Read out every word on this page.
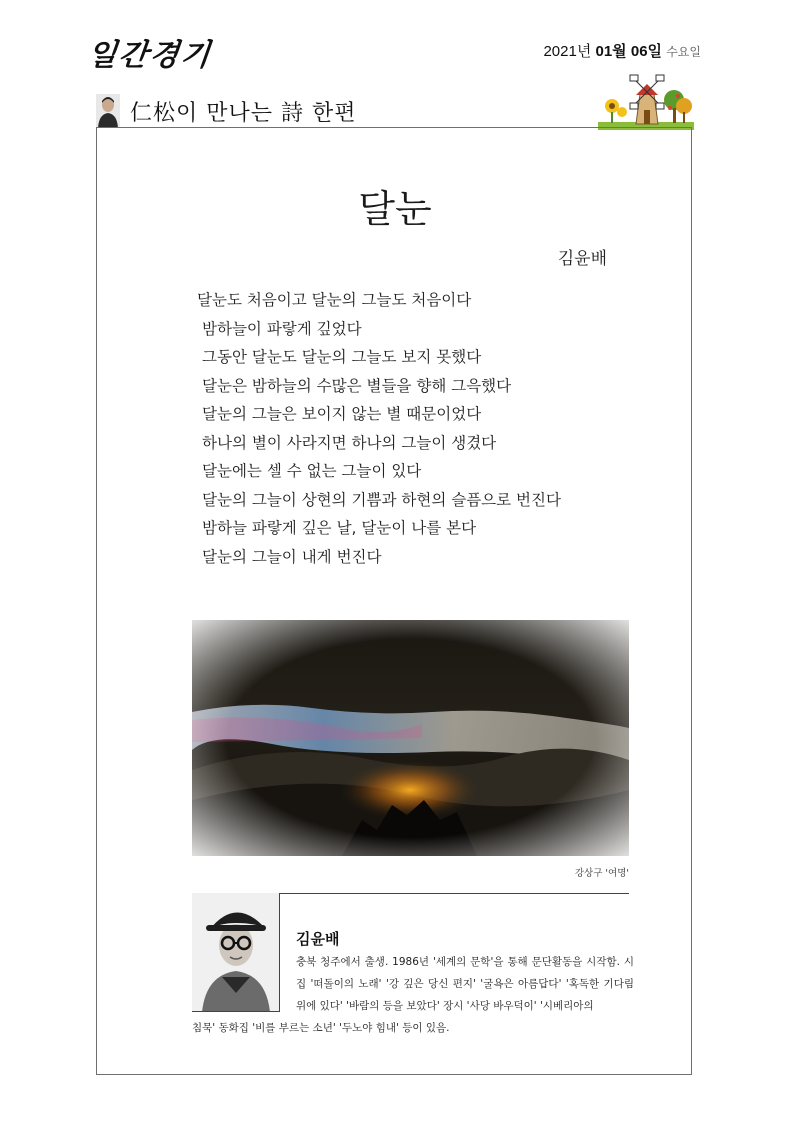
일간경기	2021년 01월 06일 수요일
仁松이 만나는 詩 한편
달눈
김윤배
달눈도 처음이고 달눈의 그늘도 처음이다
밤하늘이 파랗게 깊었다
그동안 달눈도 달눈의 그늘도 보지 못했다
달눈은 밤하늘의 수많은 별들을 향해 그윽했다
달눈의 그늘은 보이지 않는 별 때문이었다
하나의 별이 사라지면 하나의 그늘이 생겼다
달눈에는 셀 수 없는 그늘이 있다
달눈의 그늘이 상현의 기쁨과 하현의 슬픔으로 번진다
밤하늘 파랗게 깊은 날, 달눈이 나를 본다
달눈의 그늘이 내게 번진다
강상구 '여명'
김윤배
충북 청주에서 출생. 1986년 '세계의 문학'을 통해 문단활동을 시작함. 시집 '떠돌이의 노래' '강 깊은 당신 편지' '굴욕은 아름답다' '혹독한 기다림 위에 있다' '바람의 등을 보았다' 장시 '사당 바우덕이' '시베리아의
침묵' 동화집 '비를 부르는 소년' '두노야 힘내' 등이 있음.
